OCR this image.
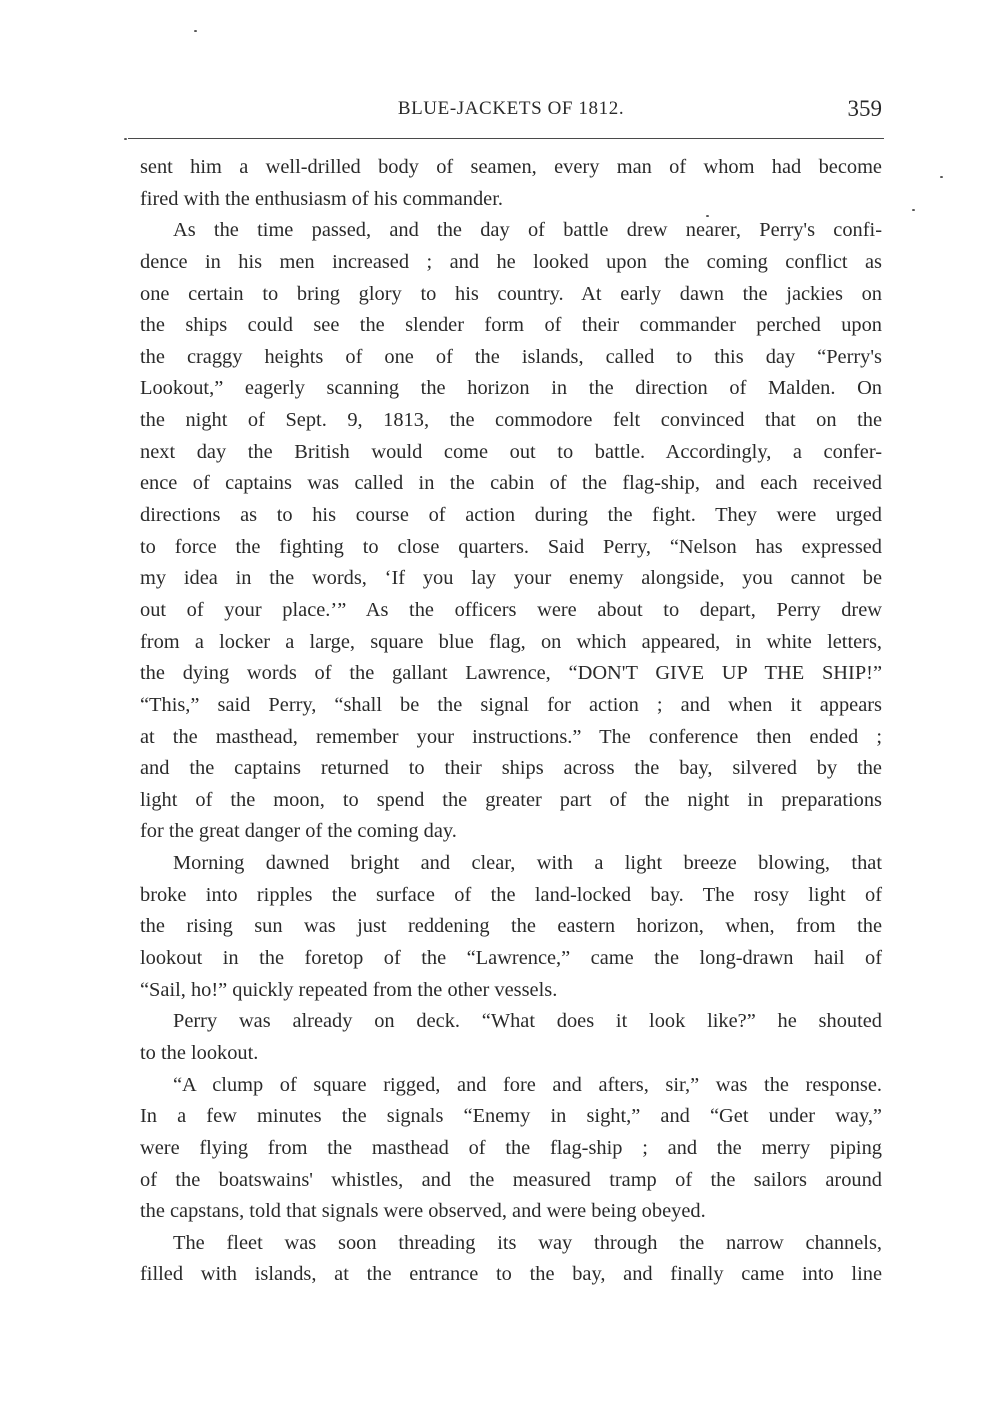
BLUE-JACKETS OF 1812.	359
sent him a well-drilled body of seamen, every man of whom had become
fired with the enthusiasm of his commander.
As the time passed, and the day of battle drew nearer, Perry's confi-
dence in his men increased ; and he looked upon the coming conflict as
one certain to bring glory to his country. At early dawn the jackies on
the ships could see the slender form of their commander perched upon
the craggy heights of one of the islands, called to this day “Perry's
Lookout,” eagerly scanning the horizon in the direction of Malden. On
the night of Sept. 9, 1813, the commodore felt convinced that on the
next day the British would come out to battle. Accordingly, a confer-
ence of captains was called in the cabin of the flag-ship, and each received
directions as to his course of action during the fight. They were urged
to force the fighting to close quarters. Said Perry, “Nelson has expressed
my idea in the words, ‘If you lay your enemy alongside, you cannot be
out of your place.’” As the officers were about to depart, Perry drew
from a locker a large, square blue flag, on which appeared, in white letters,
the dying words of the gallant Lawrence, “DON'T GIVE UP THE SHIP!”
“This,” said Perry, “shall be the signal for action ; and when it appears
at the masthead, remember your instructions.” The conference then ended ;
and the captains returned to their ships across the bay, silvered by the
light of the moon, to spend the greater part of the night in preparations
for the great danger of the coming day.
Morning dawned bright and clear, with a light breeze blowing, that
broke into ripples the surface of the land-locked bay. The rosy light of
the rising sun was just reddening the eastern horizon, when, from the
lookout in the foretop of the “Lawrence,” came the long-drawn hail of
“Sail, ho!” quickly repeated from the other vessels.
Perry was already on deck. “What does it look like?” he shouted
to the lookout.
“A clump of square rigged, and fore and afters, sir,” was the response.
In a few minutes the signals “Enemy in sight,” and “Get under way,”
were flying from the masthead of the flag-ship ; and the merry piping
of the boatswains' whistles, and the measured tramp of the sailors around
the capstans, told that signals were observed, and were being obeyed.
The fleet was soon threading its way through the narrow channels,
filled with islands, at the entrance to the bay, and finally came into line
